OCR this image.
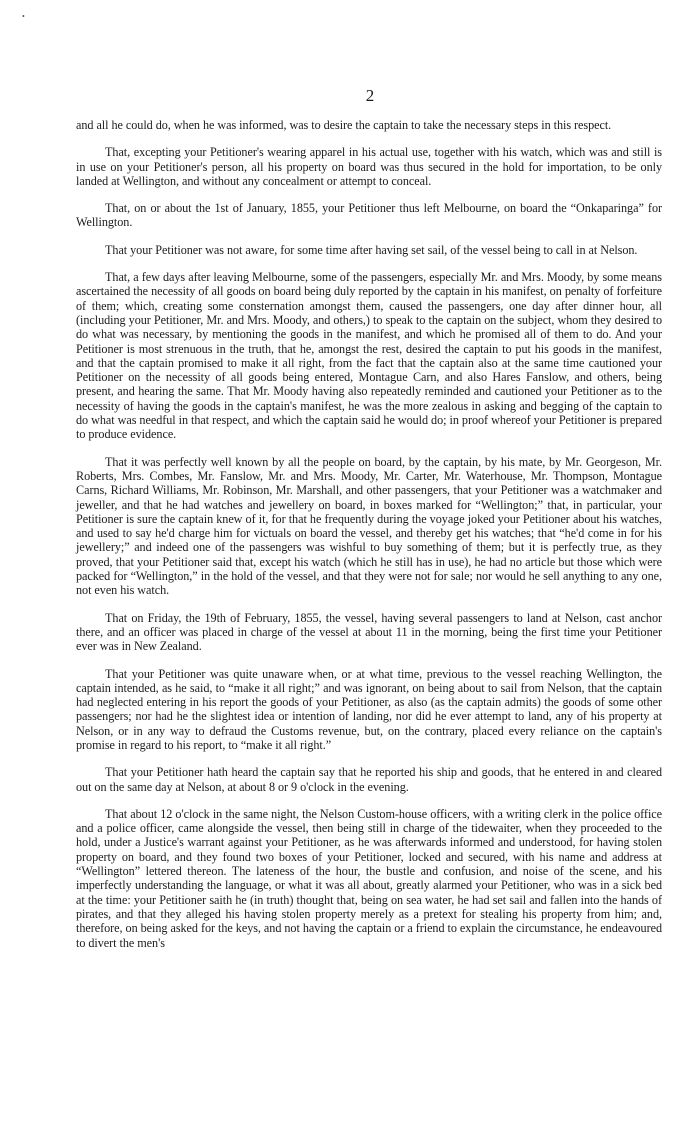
2
•

and all he could do, when he was informed, was to desire the captain to take the necessary steps in this respect.

That, excepting your Petitioner's wearing apparel in his actual use, together with his watch, which was and still is in use on your Petitioner's person, all his property on board was thus secured in the hold for importation, to be only landed at Wellington, and without any concealment or attempt to conceal.

That, on or about the 1st of January, 1855, your Petitioner thus left Melbourne, on board the “Onkaparinga” for Wellington.

That your Petitioner was not aware, for some time after having set sail, of the vessel being to call in at Nelson.

That, a few days after leaving Melbourne, some of the passengers, especially Mr. and Mrs. Moody, by some means ascertained the necessity of all goods on board being duly reported by the captain in his manifest, on penalty of forfeiture of them; which, creating some consternation amongst them, caused the passengers, one day after dinner hour, all (including your Petitioner, Mr. and Mrs. Moody, and others,) to speak to the captain on the subject, whom they desired to do what was necessary, by mentioning the goods in the manifest, and which he promised all of them to do. And your Petitioner is most strenuous in the truth, that he, amongst the rest, desired the captain to put his goods in the manifest, and that the captain promised to make it all right, from the fact that the captain also at the same time cautioned your Petitioner on the necessity of all goods being entered, Montague Carn, and also Hares Fanslow, and others, being present, and hearing the same. That Mr. Moody having also repeatedly reminded and cautioned your Petitioner as to the necessity of having the goods in the captain's manifest, he was the more zealous in asking and begging of the captain to do what was needful in that respect, and which the captain said he would do; in proof whereof your Petitioner is prepared to produce evidence.

That it was perfectly well known by all the people on board, by the captain, by his mate, by Mr. Georgeson, Mr. Roberts, Mrs. Combes, Mr. Fanslow, Mr. and Mrs. Moody, Mr. Carter, Mr. Waterhouse, Mr. Thompson, Montague Carns, Richard Williams, Mr. Robinson, Mr. Marshall, and other passengers, that your Petitioner was a watchmaker and jeweller, and that he had watches and jewellery on board, in boxes marked for “Wellington;” that, in particular, your Petitioner is sure the captain knew of it, for that he frequently during the voyage joked your Petitioner about his watches, and used to say he'd charge him for victuals on board the vessel, and thereby get his watches; that “he'd come in for his jewellery;” and indeed one of the passengers was wishful to buy something of them; but it is perfectly true, as they proved, that your Petitioner said that, except his watch (which he still has in use), he had no article but those which were packed for “Wellington,” in the hold of the vessel, and that they were not for sale; nor would he sell anything to any one, not even his watch.

That on Friday, the 19th of February, 1855, the vessel, having several passengers to land at Nelson, cast anchor there, and an officer was placed in charge of the vessel at about 11 in the morning, being the first time your Petitioner ever was in New Zealand.

That your Petitioner was quite unaware when, or at what time, previous to the vessel reaching Wellington, the captain intended, as he said, to “make it all right;” and was ignorant, on being about to sail from Nelson, that the captain had neglected entering in his report the goods of your Petitioner, as also (as the captain admits) the goods of some other passengers; nor had he the slightest idea or intention of landing, nor did he ever attempt to land, any of his property at Nelson, or in any way to defraud the Customs revenue, but, on the contrary, placed every reliance on the captain's promise in regard to his report, to “make it all right.”

That your Petitioner hath heard the captain say that he reported his ship and goods, that he entered in and cleared out on the same day at Nelson, at about 8 or 9 o'clock in the evening.

That about 12 o'clock in the same night, the Nelson Custom-house officers, with a writing clerk in the police office and a police officer, came alongside the vessel, then being still in charge of the tidewaiter, when they proceeded to the hold, under a Justice's warrant against your Petitioner, as he was afterwards informed and understood, for having stolen property on board, and they found two boxes of your Petitioner, locked and secured, with his name and address at “Wellington” lettered thereon. The lateness of the hour, the bustle and confusion, and noise of the scene, and his imperfectly understanding the language, or what it was all about, greatly alarmed your Petitioner, who was in a sick bed at the time: your Petitioner saith he (in truth) thought that, being on sea water, he had set sail and fallen into the hands of pirates, and that they alleged his having stolen property merely as a pretext for stealing his property from him; and, therefore, on being asked for the keys, and not having the captain or a friend to explain the circumstance, he endeavoured to divert the men's
